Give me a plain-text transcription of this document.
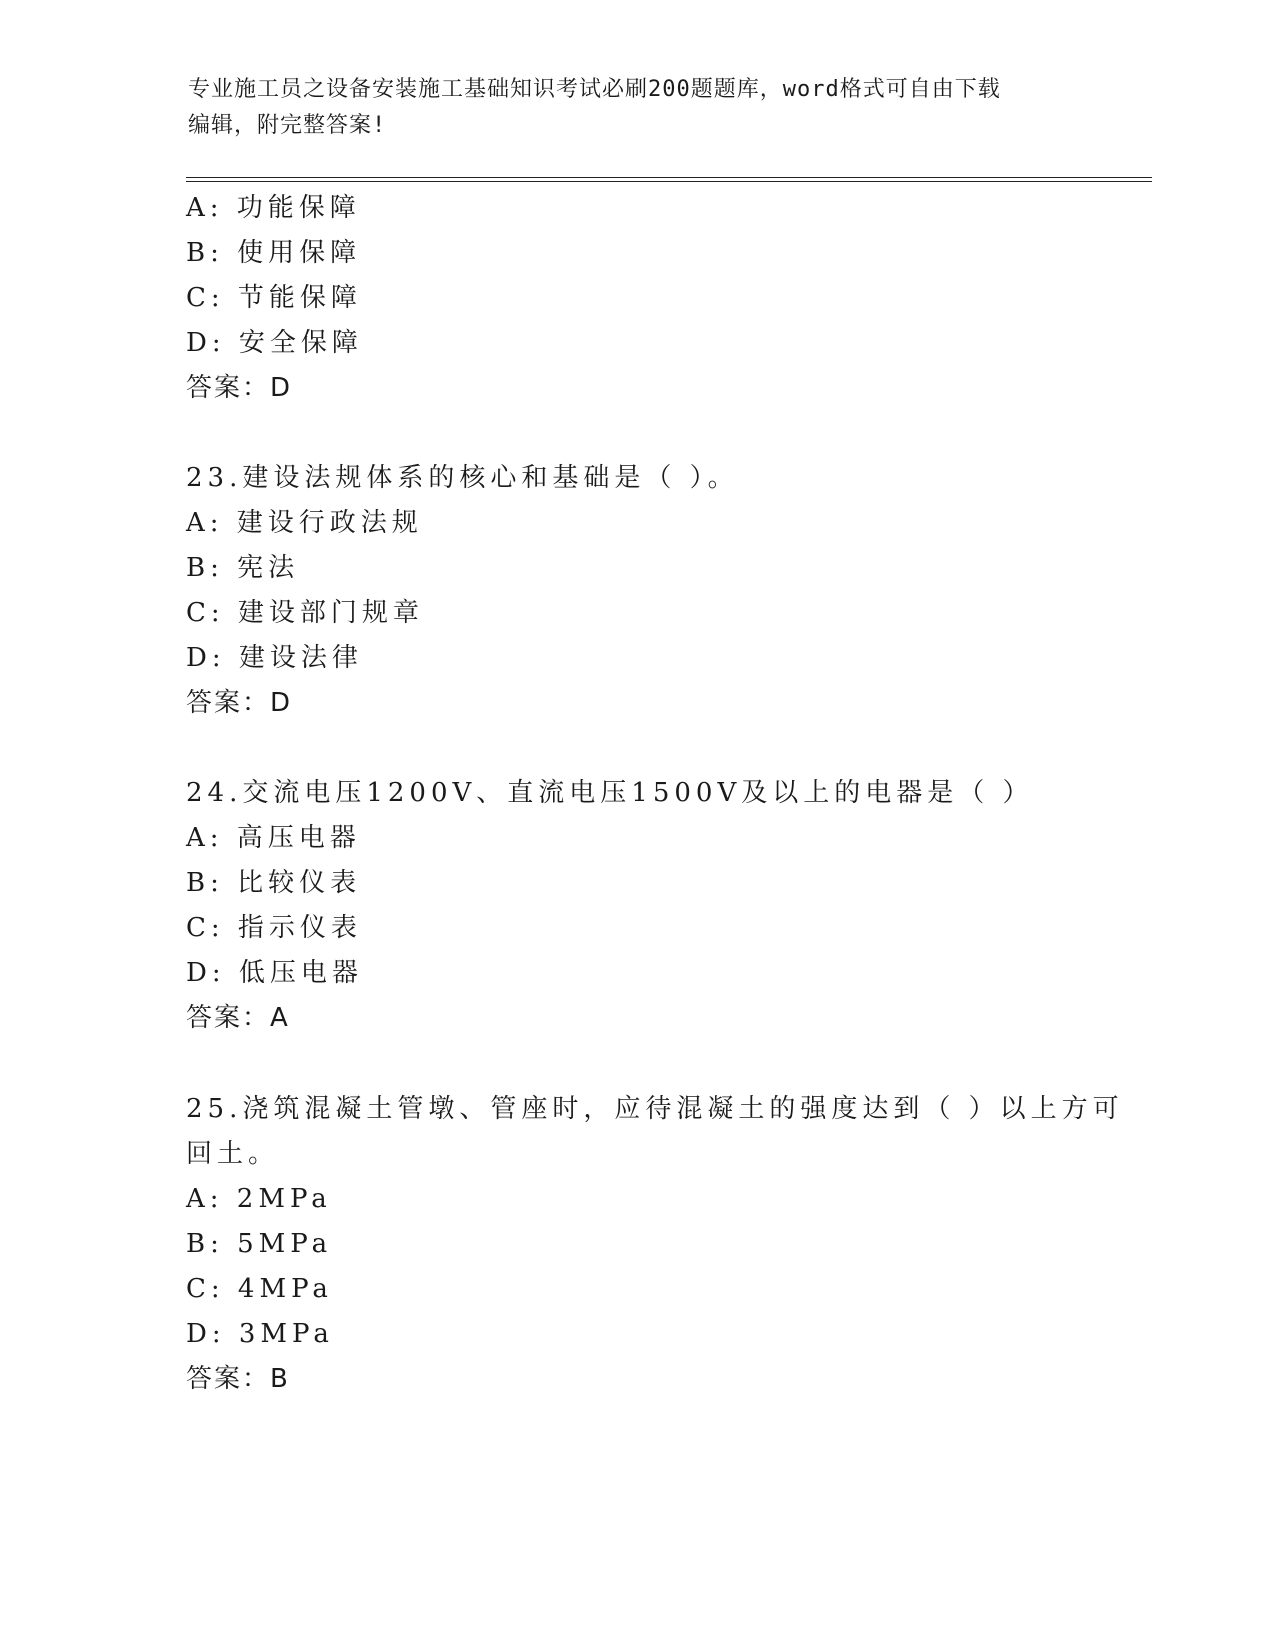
专业施工员之设备安装施工基础知识考试必刷200题题库，word格式可自由下载
编辑，附完整答案!
A: 功能保障
B: 使用保障
C: 节能保障
D: 安全保障
答案：D
23.建设法规体系的核心和基础是（ ）。
A: 建设行政法规
B: 宪法
C: 建设部门规章
D: 建设法律
答案：D
24.交流电压1200V、直流电压1500V及以上的电器是（ ）
A: 高压电器
B: 比较仪表
C: 指示仪表
D: 低压电器
答案：A
25.浇筑混凝土管墩、管座时，应待混凝土的强度达到（ ）以上方可
回土。
A: 2MPa
B: 5MPa
C: 4MPa
D: 3MPa
答案：B
